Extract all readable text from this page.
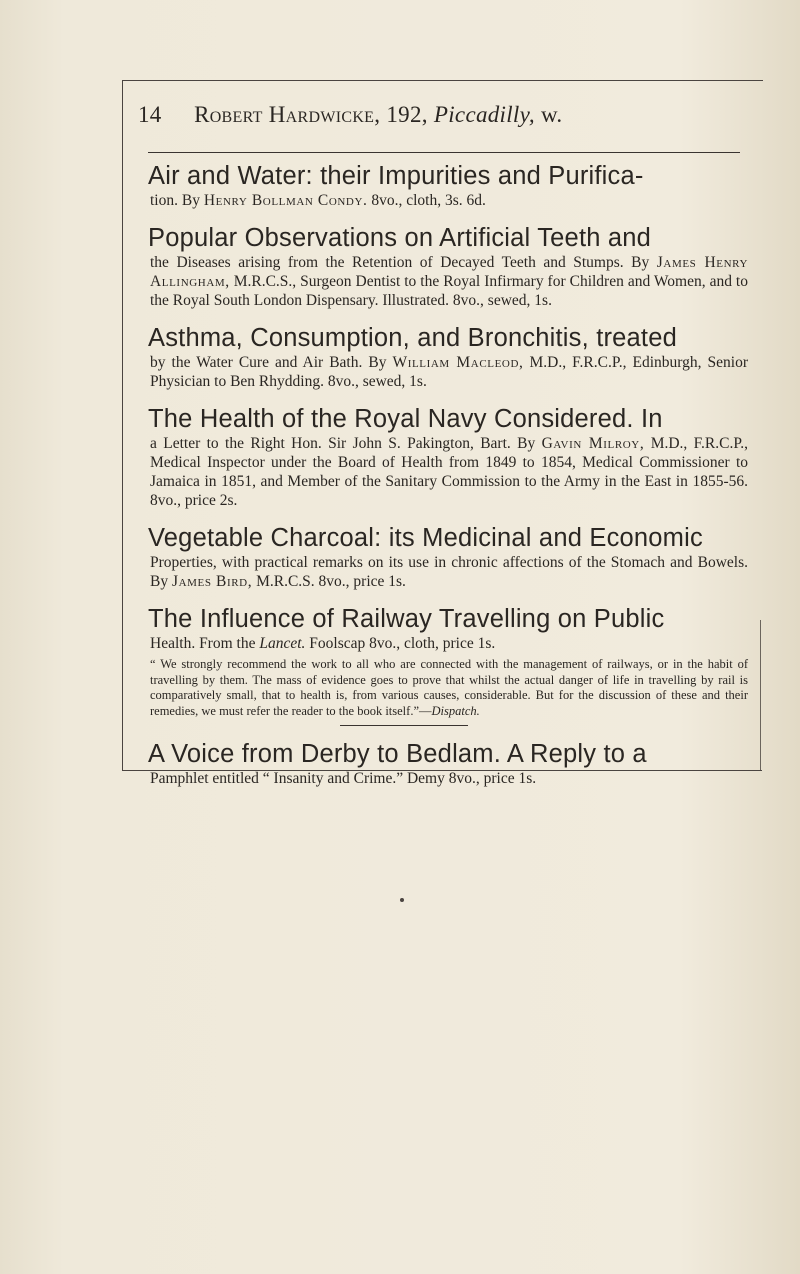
14 Robert Hardwicke, 192, Piccadilly, w.

Air and Water: their Impurities and Purifica-

tion. By Henry Bollman Condy. 8vo., cloth, 3s. 6d.

Popular Observations on Artificial Teeth and

the Diseases arising from the Retention of Decayed Teeth and Stumps. By James Henry Allingham, M.R.C.S., Surgeon Dentist to the Royal Infirmary for Children and Women, and to the Royal South London Dispensary. Illustrated. 8vo., sewed, 1s.

Asthma, Consumption, and Bronchitis, treated

by the Water Cure and Air Bath. By William Macleod, M.D., F.R.C.P., Edinburgh, Senior Physician to Ben Rhydding. 8vo., sewed, 1s.

The Health of the Royal Navy Considered. In

a Letter to the Right Hon. Sir John S. Pakington, Bart. By Gavin Milroy, M.D., F.R.C.P., Medical Inspector under the Board of Health from 1849 to 1854, Medical Commissioner to Jamaica in 1851, and Member of the Sanitary Commission to the Army in the East in 1855-56. 8vo., price 2s.

Vegetable Charcoal: its Medicinal and Economic

Properties, with practical remarks on its use in chronic affections of the Stomach and Bowels. By James Bird, M.R.C.S. 8vo., price 1s.

The Influence of Railway Travelling on Public

Health. From the Lancet. Foolscap 8vo., cloth, price 1s.

“ We strongly recommend the work to all who are connected with the management of railways, or in the habit of travelling by them. The mass of evidence goes to prove that whilst the actual danger of life in travelling by rail is comparatively small, that to health is, from various causes, considerable. But for the discussion of these and their remedies, we must refer the reader to the book itself.”—Dispatch.

A Voice from Derby to Bedlam. A Reply to a

Pamphlet entitled “ Insanity and Crime.” Demy 8vo., price 1s.
